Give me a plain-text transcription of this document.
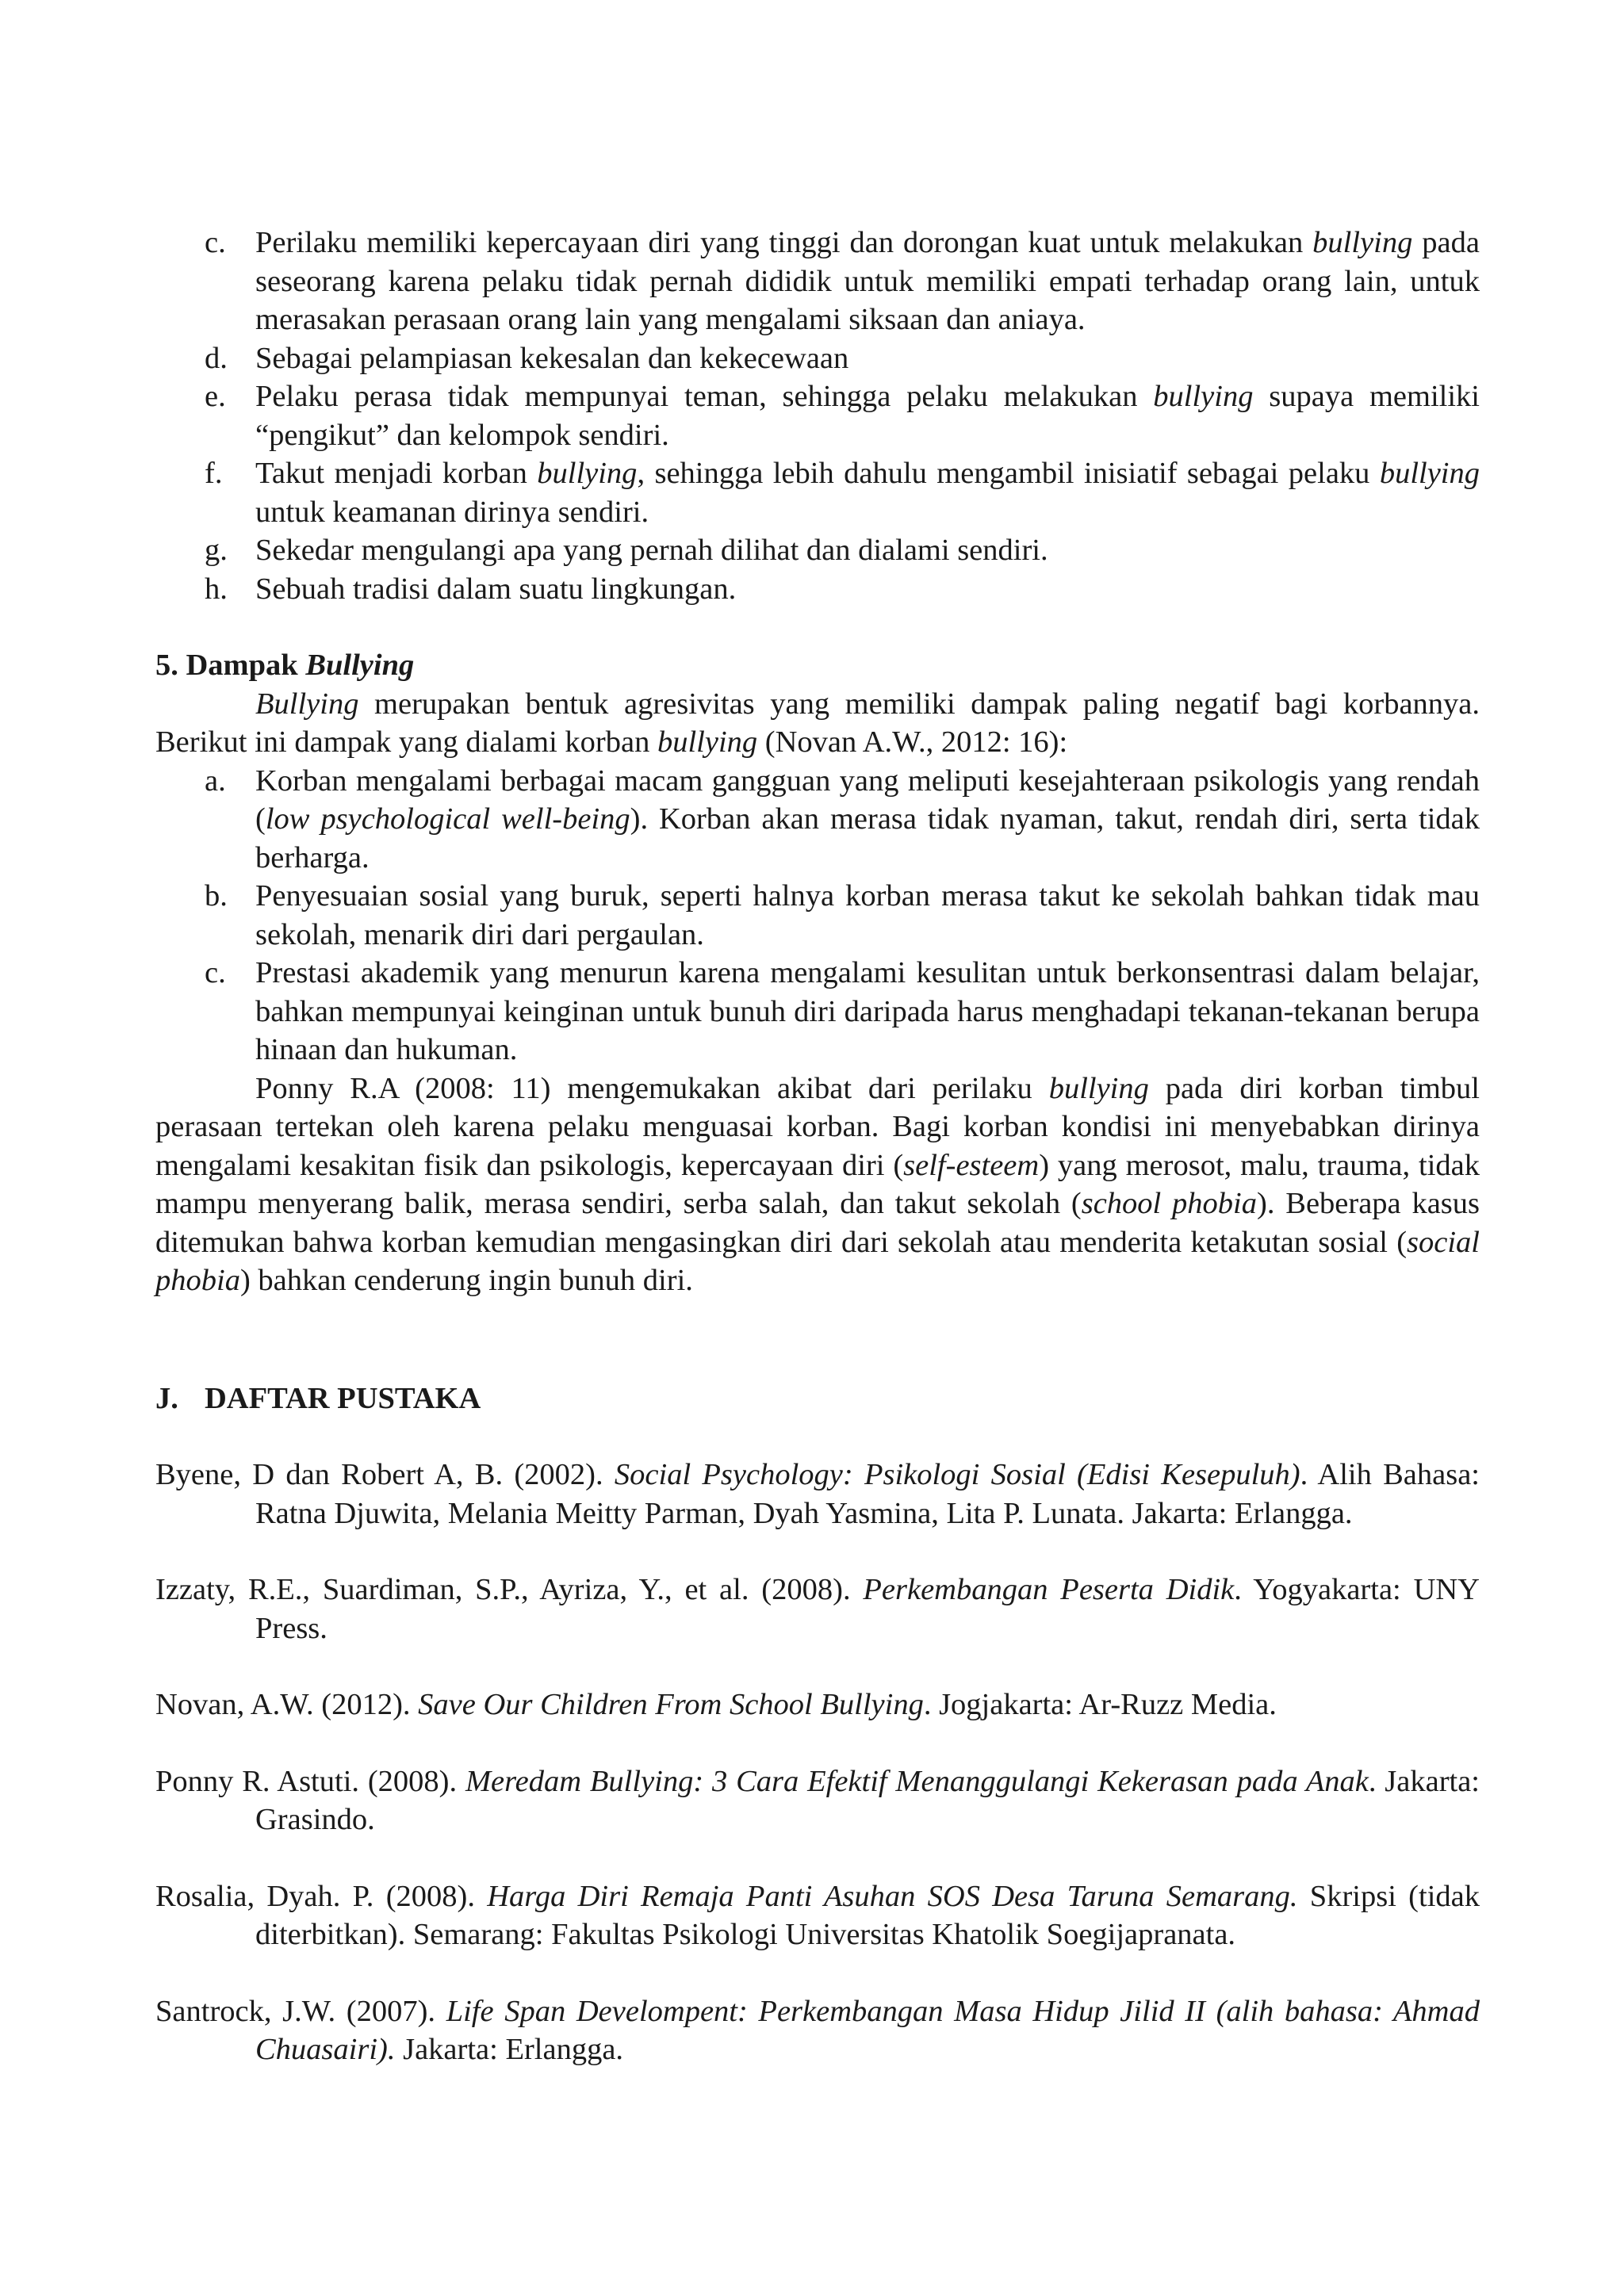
c. Perilaku memiliki kepercayaan diri yang tinggi dan dorongan kuat untuk melakukan bullying pada seseorang karena pelaku tidak pernah dididik untuk memiliki empati terhadap orang lain, untuk merasakan perasaan orang lain yang mengalami siksaan dan aniaya.
d. Sebagai pelampiasan kekesalan dan kekecewaan
e. Pelaku perasa tidak mempunyai teman, sehingga pelaku melakukan bullying supaya memiliki “pengikut” dan kelompok sendiri.
f. Takut menjadi korban bullying, sehingga lebih dahulu mengambil inisiatif sebagai pelaku bullying untuk keamanan dirinya sendiri.
g. Sekedar mengulangi apa yang pernah dilihat dan dialami sendiri.
h. Sebuah tradisi dalam suatu lingkungan.

5. Dampak Bullying

Bullying merupakan bentuk agresivitas yang memiliki dampak paling negatif bagi korbannya. Berikut ini dampak yang dialami korban bullying (Novan A.W., 2012: 16):

a. Korban mengalami berbagai macam gangguan yang meliputi kesejahteraan psikologis yang rendah (low psychological well-being). Korban akan merasa tidak nyaman, takut, rendah diri, serta tidak berharga.
b. Penyesuaian sosial yang buruk, seperti halnya korban merasa takut ke sekolah bahkan tidak mau sekolah, menarik diri dari pergaulan.
c. Prestasi akademik yang menurun karena mengalami kesulitan untuk berkonsentrasi dalam belajar, bahkan mempunyai keinginan untuk bunuh diri daripada harus menghadapi tekanan-tekanan berupa hinaan dan hukuman.

Ponny R.A (2008: 11) mengemukakan akibat dari perilaku bullying pada diri korban timbul perasaan tertekan oleh karena pelaku menguasai korban. Bagi korban kondisi ini menyebabkan dirinya mengalami kesakitan fisik dan psikologis, kepercayaan diri (self-esteem) yang merosot, malu, trauma, tidak mampu menyerang balik, merasa sendiri, serba salah, dan takut sekolah (school phobia). Beberapa kasus ditemukan bahwa korban kemudian mengasingkan diri dari sekolah atau menderita ketakutan sosial (social phobia) bahkan cenderung ingin bunuh diri.

J. DAFTAR PUSTAKA

Byene, D dan Robert A, B. (2002). Social Psychology: Psikologi Sosial (Edisi Kesepuluh). Alih Bahasa: Ratna Djuwita, Melania Meitty Parman, Dyah Yasmina, Lita P. Lunata. Jakarta: Erlangga.

Izzaty, R.E., Suardiman, S.P., Ayriza, Y., et al. (2008). Perkembangan Peserta Didik. Yogyakarta: UNY Press.

Novan, A.W. (2012). Save Our Children From School Bullying. Jogjakarta: Ar-Ruzz Media.

Ponny R. Astuti. (2008). Meredam Bullying: 3 Cara Efektif Menanggulangi Kekerasan pada Anak. Jakarta: Grasindo.

Rosalia, Dyah. P. (2008). Harga Diri Remaja Panti Asuhan SOS Desa Taruna Semarang. Skripsi (tidak diterbitkan). Semarang: Fakultas Psikologi Universitas Khatolik Soegijapranata.

Santrock, J.W. (2007). Life Span Develompent: Perkembangan Masa Hidup Jilid II (alih bahasa: Ahmad Chuasairi). Jakarta: Erlangga.
